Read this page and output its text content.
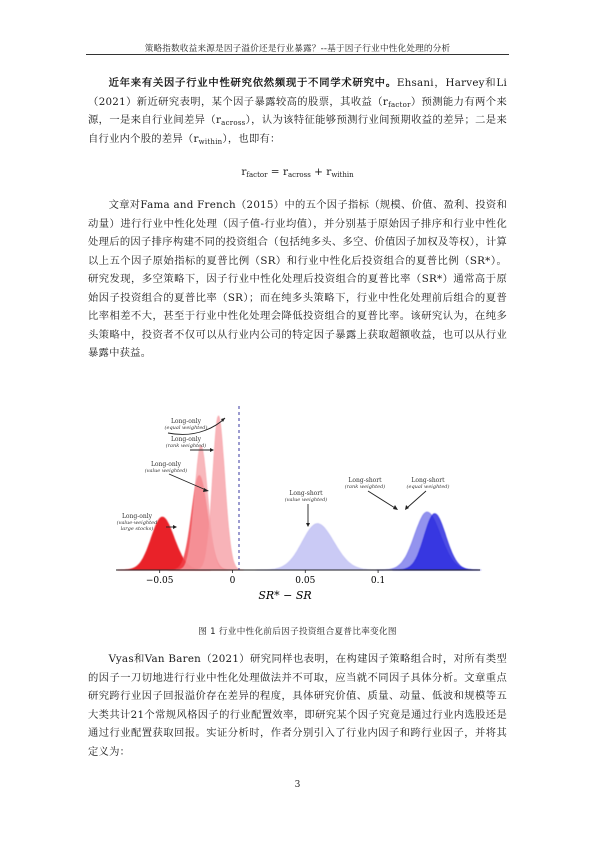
策略指数收益来源是因子溢价还是行业暴露？--基于因子行业中性化处理的分析

近年来有关因子行业中性研究依然频现于不同学术研究中。Ehsani，Harvey和Li（2021）新近研究表明，某个因子暴露较高的股票，其收益$(r_{factor})$预测能力有两个来源，一是来自行业间差异$(r_{across})$，认为该特征能够预测行业间预期收益的差异；二是来自行业内个股的差异$(r_{within})$，也即有：

$r_{factor} = r_{across} + r_{within}$

文章对Fama and French（2015）中的五个因子指标（规模、价值、盈利、投资和动量）进行行业中性化处理（因子值-行业均值），并分别基于原始因子排序和行业中性化处理后的因子排序构建不同的投资组合（包括纯多头、多空、价值因子加权及等权），计算以上五个因子原始指标的夏普比例（SR）和行业中性化后投资组合的夏普比例（SR*）。研究发现，多空策略下，因子行业中性化处理后投资组合的夏普比率（SR*）通常高于原始因子投资组合的夏普比率（SR）；而在纯多头策略下，行业中性化处理前后组合的夏普比率相差不大，甚至于行业中性化处理会降低投资组合的夏普比率。该研究认为，在纯多头策略中，投资者不仅可以从行业内公司的特定因子暴露上获取超额收益，也可以从行业暴露中获益。

−0.05	0	0.05	0.1
Long-only
(equal weighted)
Long-only
(rank weighted)
Long-only
(value weighted)
Long-only
(value-weighted
large stocks)
Long-short
(value weighted)
Long-short
(rank weighted)
Long-short
(equal weighted)
SR* − SR
图 1 行业中性化前后因子投资组合夏普比率变化图

Vyas和Van Baren（2021）研究同样也表明，在构建因子策略组合时，对所有类型的因子一刀切地进行行业中性化处理做法并不可取，应当就不同因子具体分析。文章重点研究跨行业因子回报溢价存在差异的程度，具体研究价值、质量、动量、低波和规模等五大类共计21个常规风格因子的行业配置效率，即研究某个因子究竟是通过行业内选股还是通过行业配置获取回报。实证分析时，作者分别引入了行业内因子和跨行业因子，并将其定义为：

3
